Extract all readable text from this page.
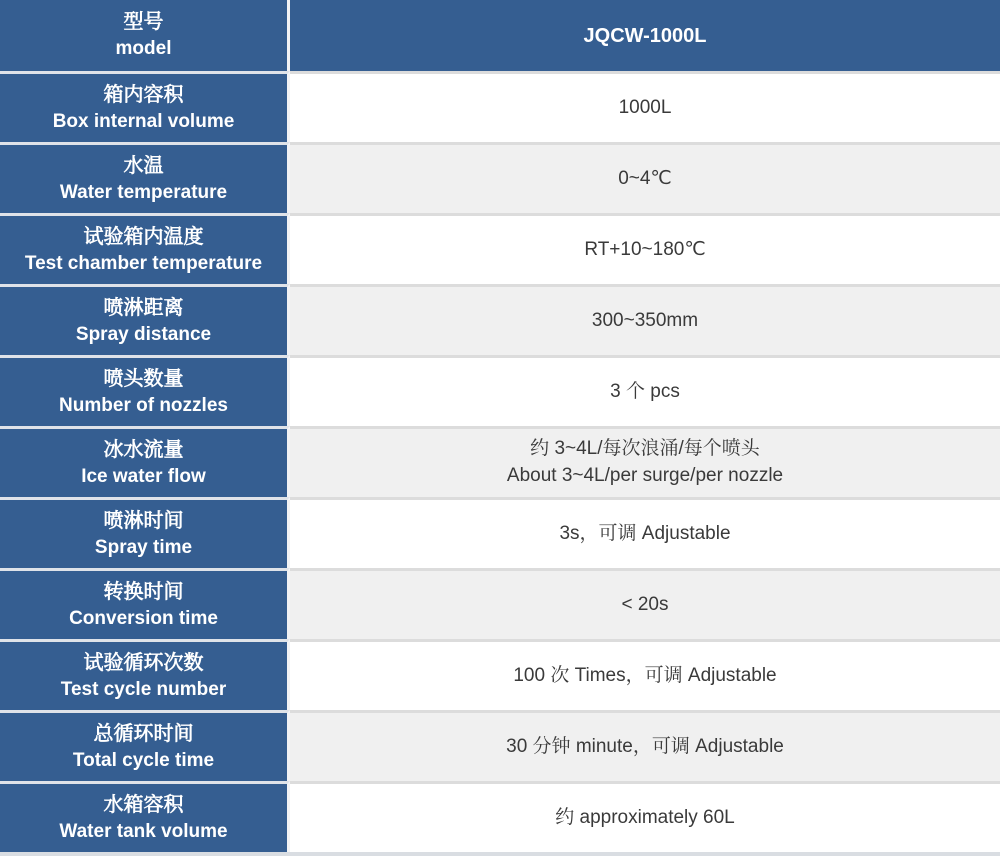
型号
model
JQCW-1000L
箱内容积
Box internal volume
1000L
水温
Water temperature
0~4℃
试验箱内温度
Test chamber temperature
RT+10~180℃
喷淋距离
Spray distance
300~350mm
喷头数量
Number of nozzles
3 个 pcs
冰水流量
Ice water flow
约 3~4L/每次浪涌/每个喷头
About 3~4L/per surge/per nozzle
喷淋时间
Spray time
3s，可调 Adjustable
转换时间
Conversion time
< 20s
试验循环次数
Test cycle number
100 次 Times，可调 Adjustable
总循环时间
Total cycle time
30 分钟 minute，可调 Adjustable
水箱容积
Water tank volume
约 approximately 60L
